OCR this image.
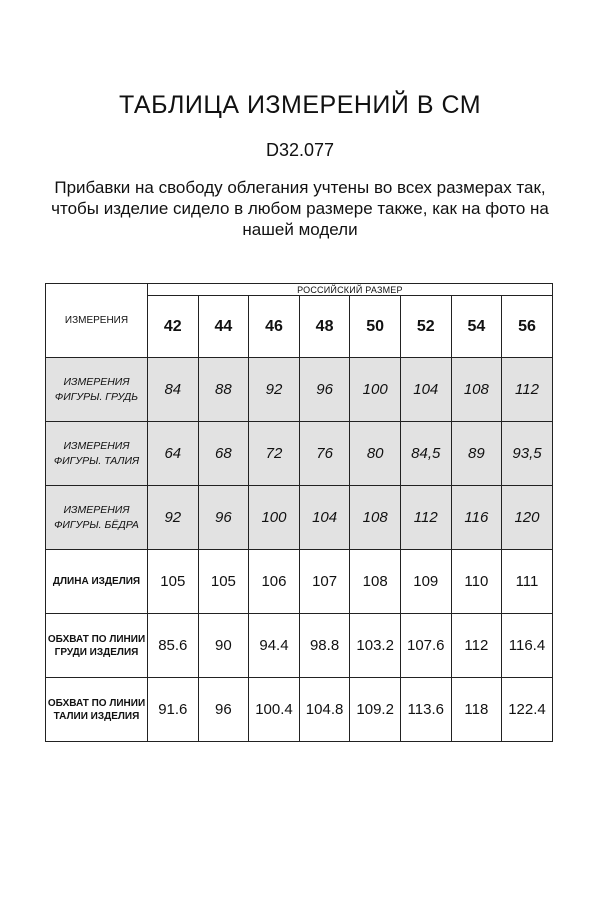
ТАБЛИЦА ИЗМЕРЕНИЙ В СМ
D32.077
Прибавки на свободу облегания учтены во всех размерах так, чтобы изделие сидело в любом размере также, как на фото на нашей модели
ИЗМЕРЕНИЯ	РОССИЙСКИЙ РАЗМЕР							
	42	44	46	48	50	52	54	56
ИЗМЕРЕНИЯ ФИГУРЫ. ГРУДЬ	84	88	92	96	100	104	108	112
ИЗМЕРЕНИЯ ФИГУРЫ. ТАЛИЯ	64	68	72	76	80	84,5	89	93,5
ИЗМЕРЕНИЯ ФИГУРЫ. БЁДРА	92	96	100	104	108	112	116	120
ДЛИНА ИЗДЕЛИЯ	105	105	106	107	108	109	110	111
ОБХВАТ ПО ЛИНИИ ГРУДИ ИЗДЕЛИЯ	85.6	90	94.4	98.8	103.2	107.6	112	116.4
ОБХВАТ ПО ЛИНИИ ТАЛИИ ИЗДЕЛИЯ	91.6	96	100.4	104.8	109.2	113.6	118	122.4
